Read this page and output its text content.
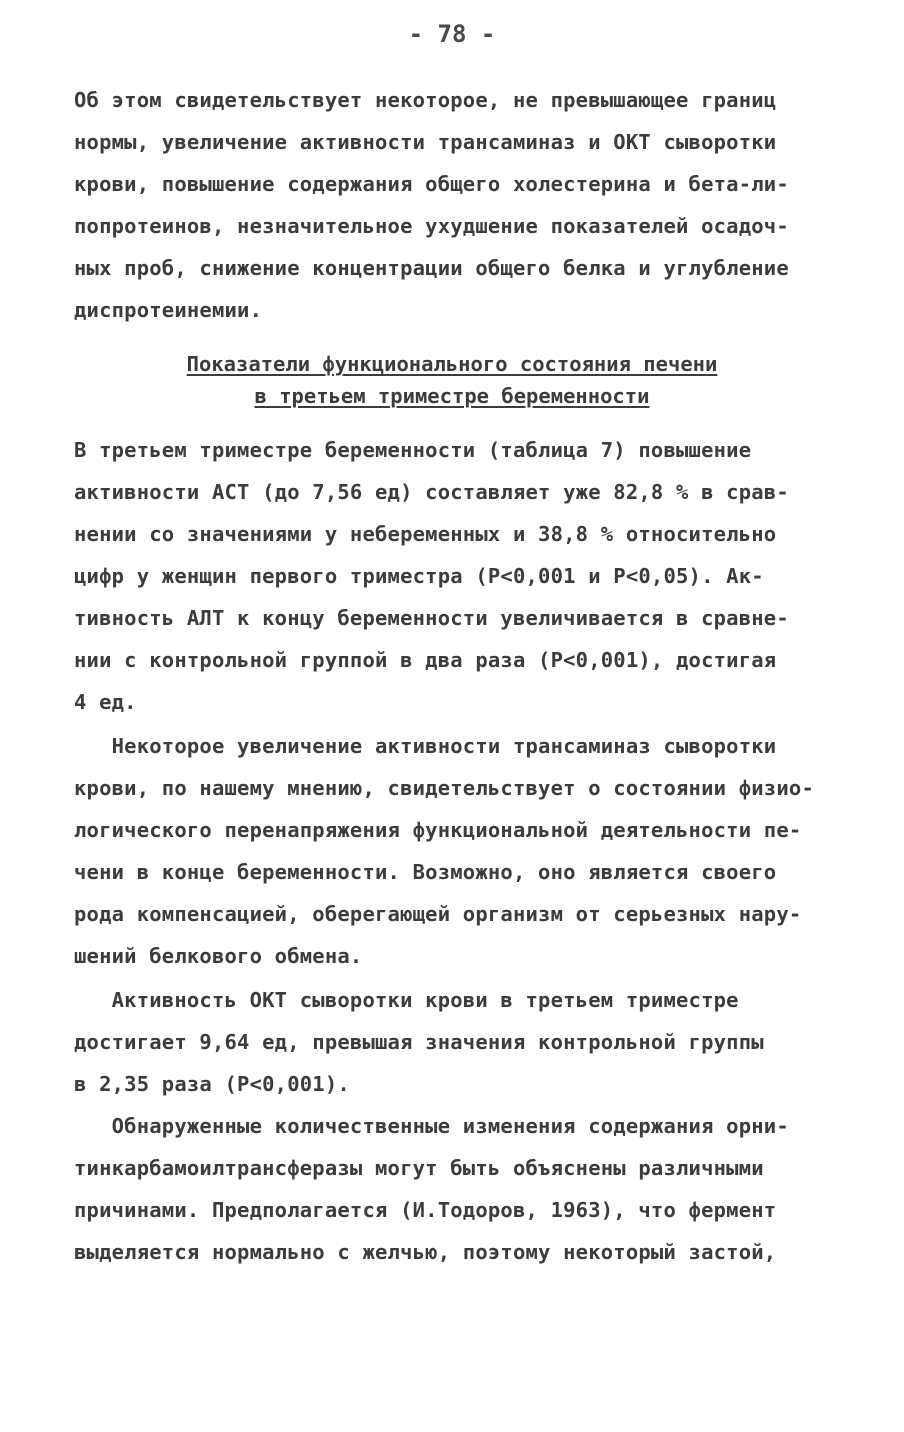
- 78 -
Об этом свидетельствует некоторое, не превышающее границ
нормы, увеличение активности трансаминаз и ОКТ сыворотки
крови, повышение содержания общего холестерина и бета-ли-
попротеинов, незначительное ухудшение показателей осадоч-
ных проб, снижение концентрации общего белка и углубление
диспротеинемии.
Показатели функционального состояния печени
в третьем триместре беременности
В третьем триместре беременности (таблица 7) повышение
активности АСТ (до 7,56 ед) составляет уже 82,8 % в срав-
нении со значениями у небеременных и 38,8 % относительно
цифр у женщин первого триместра (Р<0,001 и Р<0,05). Ак-
тивность АЛТ к концу беременности увеличивается в сравне-
нии с контрольной группой в два раза (Р<0,001), достигая
4 ед.
Некоторое увеличение активности трансаминаз сыворотки
крови, по нашему мнению, свидетельствует о состоянии физио-
логического перенапряжения функциональной деятельности пе-
чени в конце беременности. Возможно, оно является своего
рода компенсацией, оберегающей организм от серьезных нару-
шений белкового обмена.
Активность ОКТ сыворотки крови в третьем триместре
достигает 9,64 ед, превышая значения контрольной группы
в 2,35 раза (Р<0,001).
Обнаруженные количественные изменения содержания орни-
тинкарбамоилтрансферазы могут быть объяснены различными
причинами. Предполагается (И.Тодоров, 1963), что фермент
выделяется нормально с желчью, поэтому некоторый застой,
